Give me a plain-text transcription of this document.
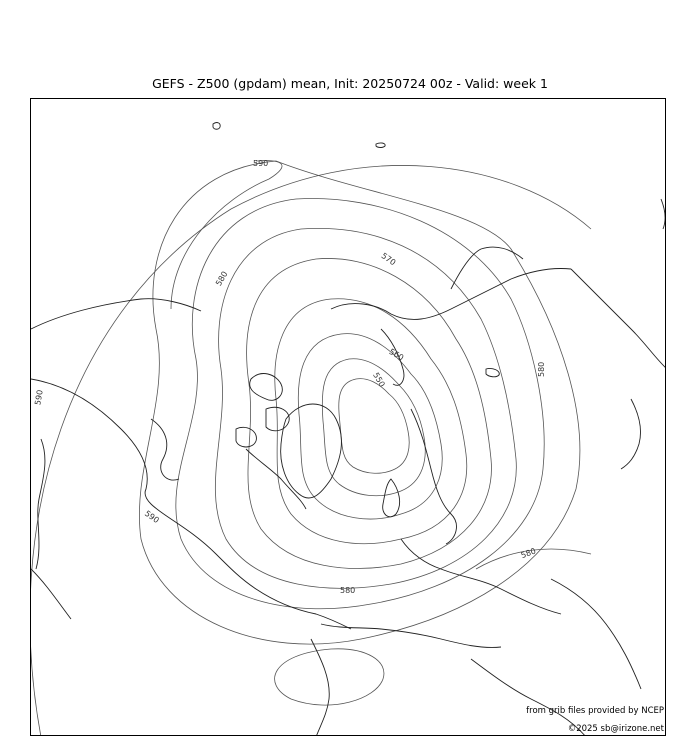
GEFS - Z500 (gpdam) mean, Init: 20250724 00z - Valid: week 1
590
580
570
560
550
580
590
590
580
580
from grib files provided by NCEP
©2025 sb@irizone.net
